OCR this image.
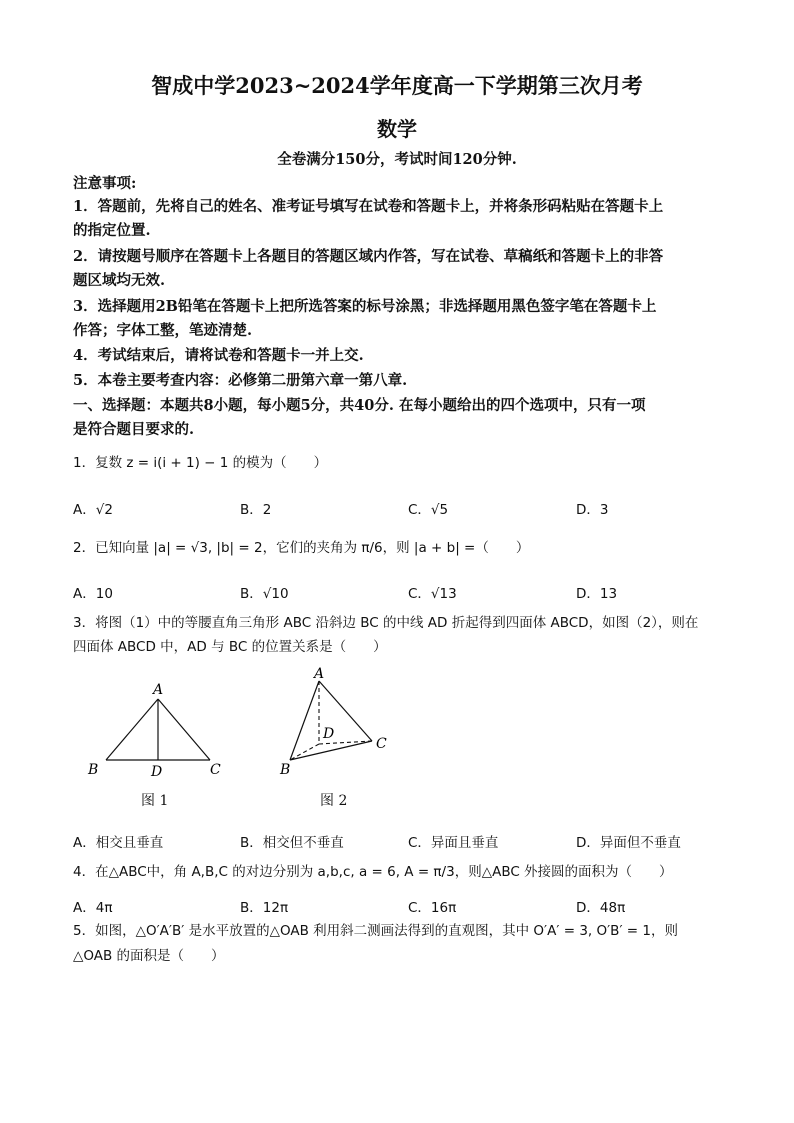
智成中学2023~2024学年度高一下学期第三次月考
数学
全卷满分150分，考试时间120分钟.
注意事项:
1．答题前，先将自己的姓名、准考证号填写在试卷和答题卡上，并将条形码粘贴在答题卡上
的指定位置.
2．请按题号顺序在答题卡上各题目的答题区域内作答，写在试卷、草稿纸和答题卡上的非答
题区域均无效.
3．选择题用2B铅笔在答题卡上把所选答案的标号涂黑；非选择题用黑色签字笔在答题卡上
作答；字体工整，笔迹清楚.
4．考试结束后，请将试卷和答题卡一并上交.
5．本卷主要考查内容：必修第二册第六章一第八章.
一、选择题：本题共8小题，每小题5分，共40分. 在每小题给出的四个选项中，只有一项
是符合题目要求的.
1．复数 z = i(i + 1) − 1 的模为（　　）
A．√2	B．2	C．√5	D．3
2．已知向量 |a| = √3, |b| = 2，它们的夹角为 π/6，则 |a + b| =（　　）
A．10	B．√10	C．√13	D．13
3．将图（1）中的等腰直角三角形 ABC 沿斜边 BC 的中线 AD 折起得到四面体 ABCD，如图（2），则在
四面体 ABCD 中，AD 与 BC 的位置关系是（　　）
A
B	D	C
图 1
A
D
C
B
图 2
A．相交且垂直	B．相交但不垂直	C．异面且垂直	D．异面但不垂直
4．在△ABC中，角 A,B,C 的对边分别为 a,b,c, a = 6, A = π/3，则△ABC 外接圆的面积为（　　）
A．4π	B．12π	C．16π	D．48π
5．如图，△O′A′B′ 是水平放置的△OAB 利用斜二测画法得到的直观图，其中 O′A′ = 3, O′B′ = 1，则
△OAB 的面积是（　　）
